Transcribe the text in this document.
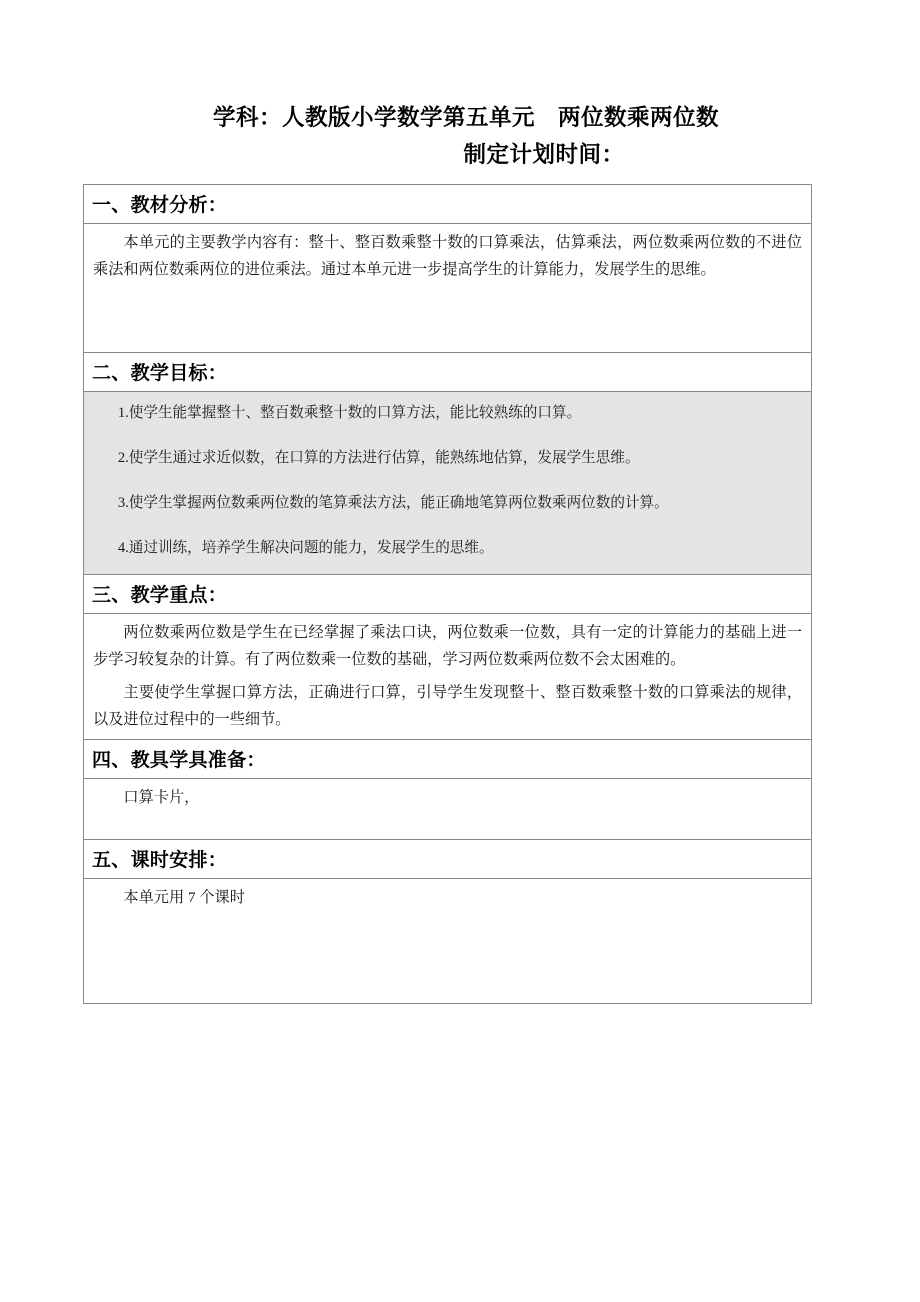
学科：人教版小学数学第五单元　两位数乘两位数
制定计划时间：
一、教材分析：

本单元的主要教学内容有：整十、整百数乘整十数的口算乘法，估算乘法，两位数乘两位数的不进位乘法和两位数乘两位的进位乘法。通过本单元进一步提高学生的计算能力，发展学生的思维。

二、教学目标：

1.使学生能掌握整十、整百数乘整十数的口算方法，能比较熟练的口算。
2.使学生通过求近似数，在口算的方法进行估算，能熟练地估算，发展学生思维。
3.使学生掌握两位数乘两位数的笔算乘法方法，能正确地笔算两位数乘两位数的计算。
4.通过训练，培养学生解决问题的能力，发展学生的思维。

三、教学重点：

两位数乘两位数是学生在已经掌握了乘法口诀，两位数乘一位数，具有一定的计算能力的基础上进一步学习较复杂的计算。有了两位数乘一位数的基础，学习两位数乘两位数不会太困难的。
主要使学生掌握口算方法，正确进行口算，引导学生发现整十、整百数乘整十数的口算乘法的规律，以及进位过程中的一些细节。

四、教具学具准备：

口算卡片，

五、课时安排：

本单元用 7 个课时
